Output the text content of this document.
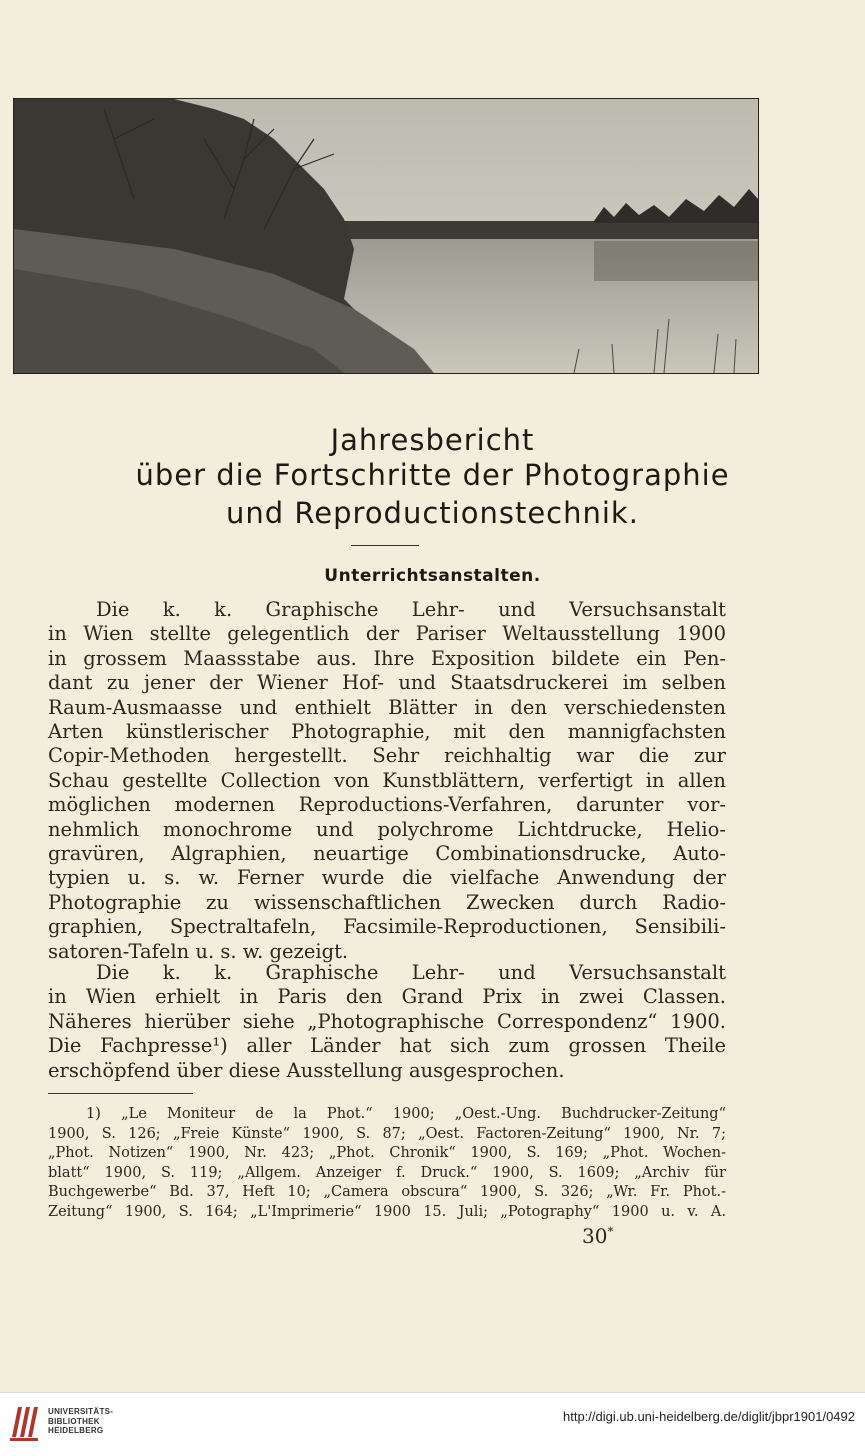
Jahresbericht
über die Fortschritte der Photographie
und Reproductionstechnik.
Unterrichtsanstalten.
Die k. k. Graphische Lehr- und Versuchsanstalt
in Wien stellte gelegentlich der Pariser Weltausstellung 1900
in grossem Maassstabe aus. Ihre Exposition bildete ein Pen-
dant zu jener der Wiener Hof- und Staatsdruckerei im selben
Raum-Ausmaasse und enthielt Blätter in den verschiedensten
Arten künstlerischer Photographie, mit den mannigfachsten
Copir-Methoden hergestellt. Sehr reichhaltig war die zur
Schau gestellte Collection von Kunstblättern, verfertigt in allen
möglichen modernen Reproductions-Verfahren, darunter vor-
nehmlich monochrome und polychrome Lichtdrucke, Helio-
gravüren, Algraphien, neuartige Combinationsdrucke, Auto-
typien u. s. w. Ferner wurde die vielfache Anwendung der
Photographie zu wissenschaftlichen Zwecken durch Radio-
graphien, Spectraltafeln, Facsimile-Reproductionen, Sensibili-
satoren-Tafeln u. s. w. gezeigt.
Die k. k. Graphische Lehr- und Versuchsanstalt
in Wien erhielt in Paris den Grand Prix in zwei Classen.
Näheres hierüber siehe „Photographische Correspondenz“ 1900.
Die Fachpresse¹) aller Länder hat sich zum grossen Theile
erschöpfend über diese Ausstellung ausgesprochen.
1) „Le Moniteur de la Phot.“ 1900; „Oest.-Ung. Buchdrucker-Zeitung“
1900, S. 126; „Freie Künste“ 1900, S. 87; „Oest. Factoren-Zeitung“ 1900, Nr. 7;
„Phot. Notizen“ 1900, Nr. 423; „Phot. Chronik“ 1900, S. 169; „Phot. Wochen-
blatt“ 1900, S. 119; „Allgem. Anzeiger f. Druck.“ 1900, S. 1609; „Archiv für
Buchgewerbe“ Bd. 37, Heft 10; „Camera obscura“ 1900, S. 326; „Wr. Fr. Phot.-
Zeitung“ 1900, S. 164; „L'Imprimerie“ 1900 15. Juli; „Potography“ 1900 u. v. A.
30*
UNIVERSITÄTS-
BIBLIOTHEK
HEIDELBERG
http://digi.ub.uni-heidelberg.de/diglit/jbpr1901/0492
